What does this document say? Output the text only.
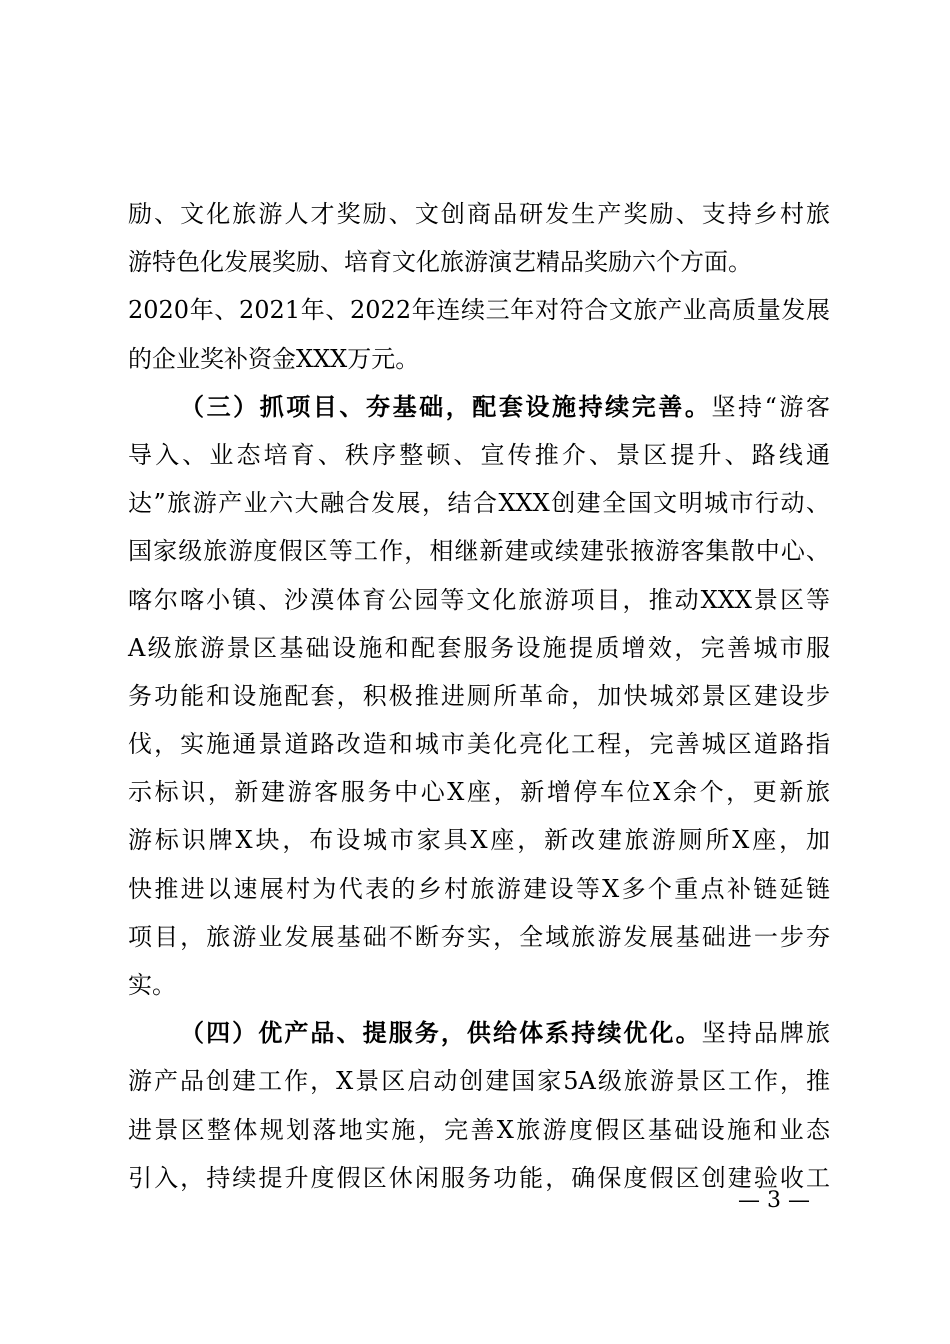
励、文化旅游人才奖励、文创商品研发生产奖励、支持乡村旅
游特色化发展奖励、培育文化旅游演艺精品奖励六个方面。
2020年、2021年、2022年连续三年对符合文旅产业高质量发展
的企业奖补资金XXX万元。
（三）抓项目、夯基础，配套设施持续完善。坚持“游客
导入、业态培育、秩序整顿、宣传推介、景区提升、路线通
达”旅游产业六大融合发展，结合XXX创建全国文明城市行动、
国家级旅游度假区等工作，相继新建或续建张掖游客集散中心、
喀尔喀小镇、沙漠体育公园等文化旅游项目，推动XXX景区等
A级旅游景区基础设施和配套服务设施提质增效，完善城市服
务功能和设施配套，积极推进厕所革命，加快城郊景区建设步
伐，实施通景道路改造和城市美化亮化工程，完善城区道路指
示标识，新建游客服务中心X座，新增停车位X余个，更新旅
游标识牌X块，布设城市家具X座，新改建旅游厕所X座，加
快推进以速展村为代表的乡村旅游建设等X多个重点补链延链
项目，旅游业发展基础不断夯实，全域旅游发展基础进一步夯
实。
（四）优产品、提服务，供给体系持续优化。坚持品牌旅
游产品创建工作，X景区启动创建国家5A级旅游景区工作，推
进景区整体规划落地实施，完善X旅游度假区基础设施和业态
引入，持续提升度假区休闲服务功能，确保度假区创建验收工
— 3 —
